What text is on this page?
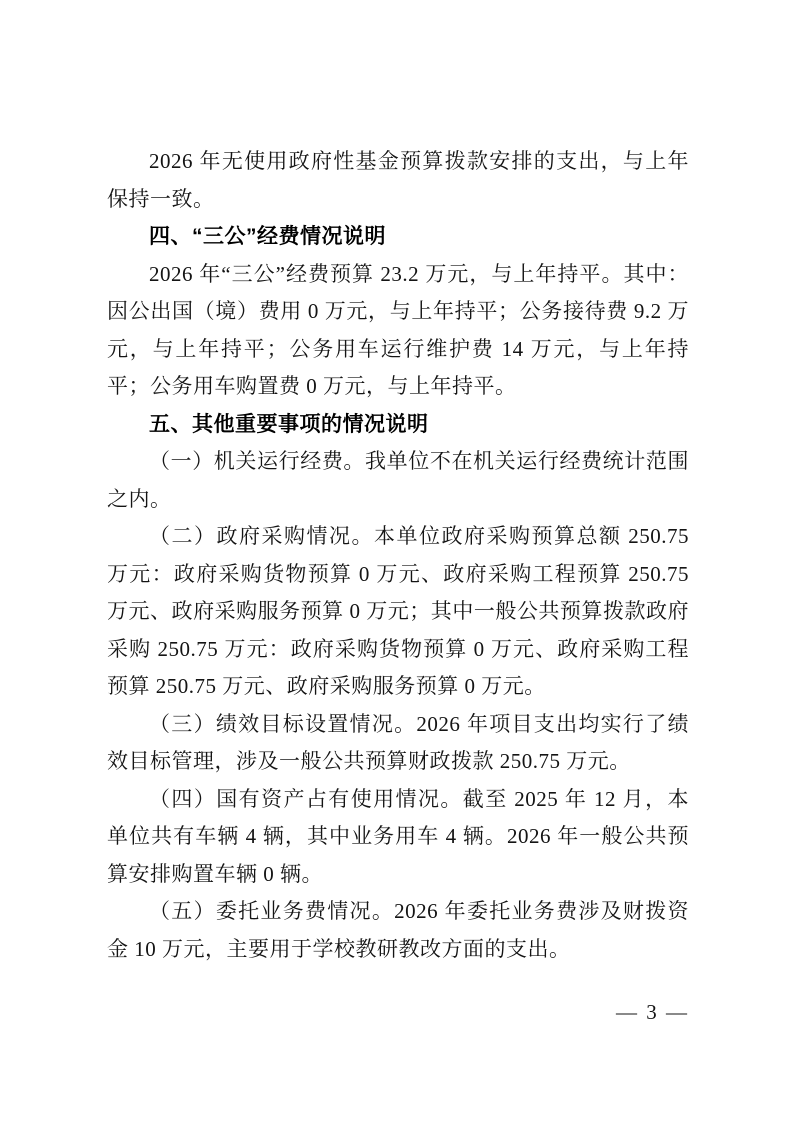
2026 年无使用政府性基金预算拨款安排的支出，与上年保持一致。

四、“三公”经费情况说明

2026 年“三公”经费预算 23.2 万元，与上年持平。其中：因公出国（境）费用 0 万元，与上年持平；公务接待费 9.2 万元，与上年持平；公务用车运行维护费 14 万元，与上年持平；公务用车购置费 0 万元，与上年持平。

五、其他重要事项的情况说明

（一）机关运行经费。我单位不在机关运行经费统计范围之内。

（二）政府采购情况。本单位政府采购预算总额 250.75 万元：政府采购货物预算 0 万元、政府采购工程预算 250.75 万元、政府采购服务预算 0 万元；其中一般公共预算拨款政府采购 250.75 万元：政府采购货物预算 0 万元、政府采购工程预算 250.75 万元、政府采购服务预算 0 万元。

（三）绩效目标设置情况。2026 年项目支出均实行了绩效目标管理，涉及一般公共预算财政拨款 250.75 万元。

（四）国有资产占有使用情况。截至 2025 年 12 月，本单位共有车辆 4 辆，其中业务用车 4 辆。2026 年一般公共预算安排购置车辆 0 辆。

（五）委托业务费情况。2026 年委托业务费涉及财拨资金 10 万元，主要用于学校教研教改方面的支出。

— 3 —
